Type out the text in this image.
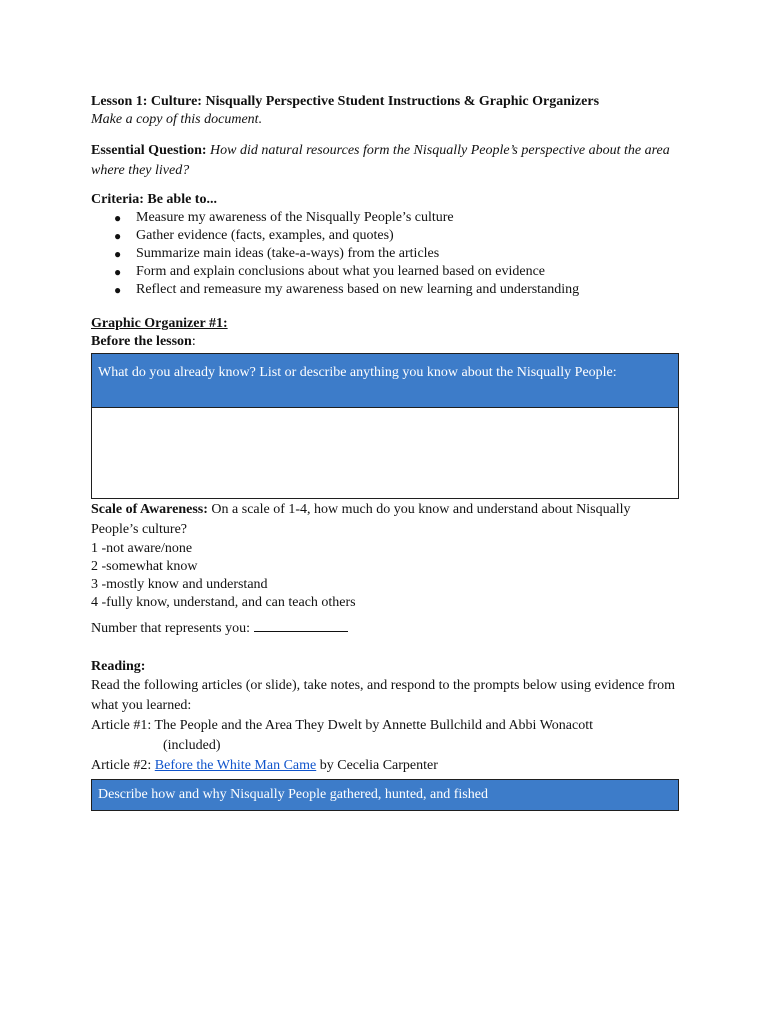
Lesson 1: Culture: Nisqually Perspective Student Instructions & Graphic Organizers
Make a copy of this document.
Essential Question: How did natural resources form the Nisqually People’s perspective about the area where they lived?
Criteria: Be able to...
● Measure my awareness of the Nisqually People’s culture
● Gather evidence (facts, examples, and quotes)
● Summarize main ideas (take-a-ways) from the articles
● Form and explain conclusions about what you learned based on evidence
● Reflect and remeasure my awareness based on new learning and understanding
Graphic Organizer #1:
Before the lesson:
What do you already know? List or describe anything you know about the Nisqually People:
Scale of Awareness: On a scale of 1-4, how much do you know and understand about Nisqually People’s culture?
1 -not aware/none
2 -somewhat know
3 -mostly know and understand
4 -fully know, understand, and can teach others
Number that represents you:
Reading:
Read the following articles (or slide), take notes, and respond to the prompts below using evidence from what you learned:
Article #1: The People and the Area They Dwelt by Annette Bullchild and Abbi Wonacott
(included)
Article #2: Before the White Man Came by Cecelia Carpenter
Describe how and why Nisqually People gathered, hunted, and fished
